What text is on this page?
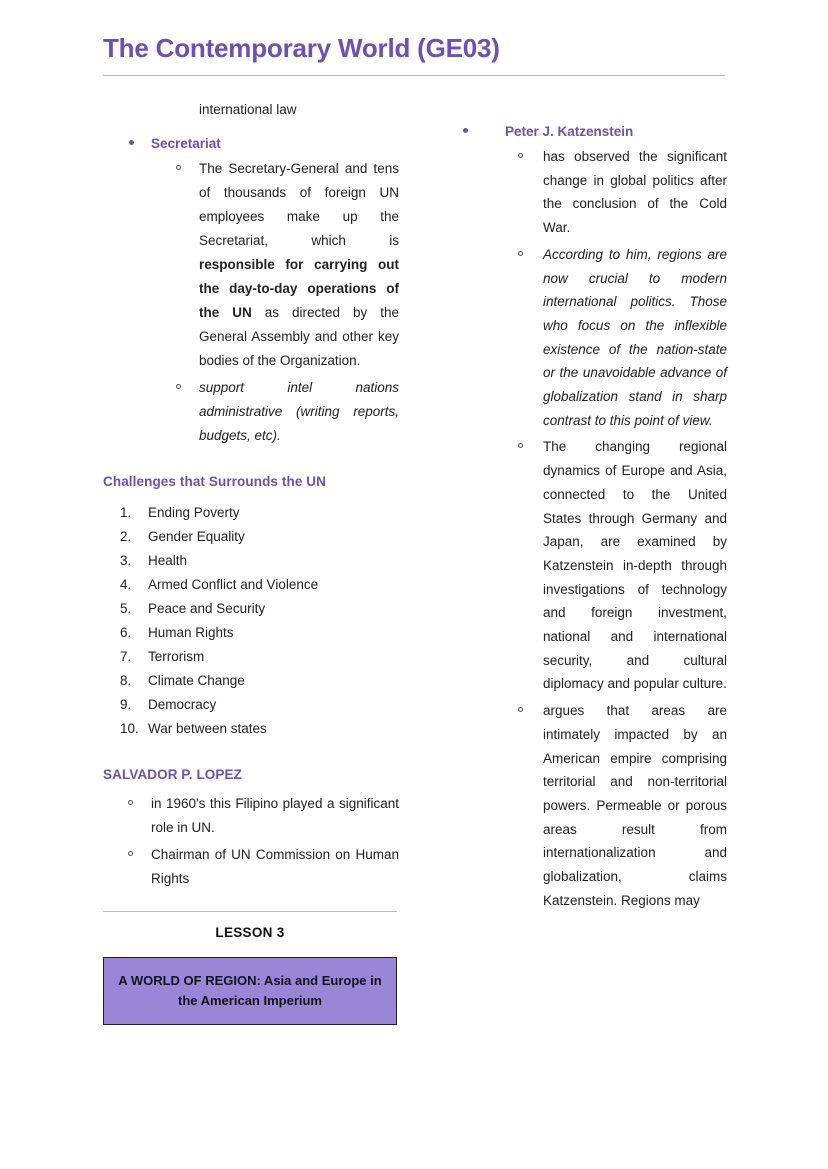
The Contemporary World (GE03)

international law

Secretariat
The Secretary-General and tens of thousands of foreign UN employees make up the Secretariat, which is responsible for carrying out the day-to-day operations of the UN as directed by the General Assembly and other key bodies of the Organization.
support intel nations administrative (writing reports, budgets, etc).
Challenges that Surrounds the UN
Ending Poverty
Gender Equality
Health
Armed Conflict and Violence
Peace and Security
Human Rights
Terrorism
Climate Change
Democracy
War between states
SALVADOR P. LOPEZ
in 1960's this Filipino played a significant role in UN.
Chairman of UN Commission on Human Rights
LESSON 3
A WORLD OF REGION: Asia and Europe in the American Imperium
Peter J. Katzenstein
has observed the significant change in global politics after the conclusion of the Cold War.
According to him, regions are now crucial to modern international politics. Those who focus on the inflexible existence of the nation-state or the unavoidable advance of globalization stand in sharp contrast to this point of view.
The changing regional dynamics of Europe and Asia, connected to the United States through Germany and Japan, are examined by Katzenstein in-depth through investigations of technology and foreign investment, national and international security, and cultural diplomacy and popular culture.
argues that areas are intimately impacted by an American empire comprising territorial and non-territorial powers. Permeable or porous areas result from internationalization and globalization, claims Katzenstein. Regions may
